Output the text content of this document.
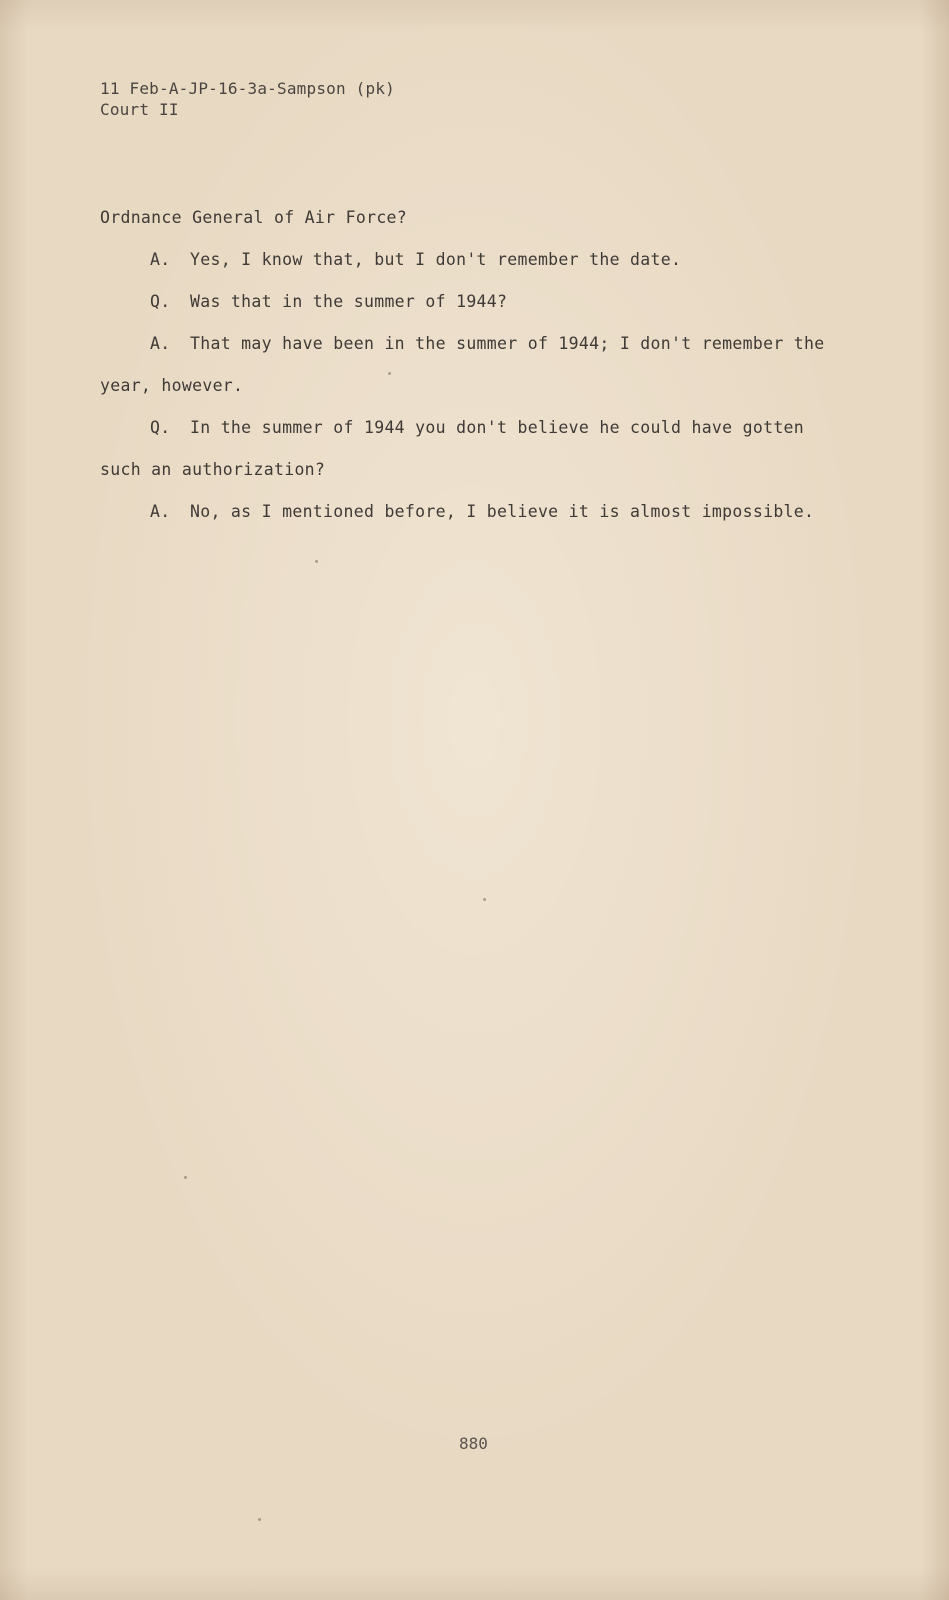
11 Feb-A-JP-16-3a-Sampson (pk)
Court II
Ordnance General of Air Force?
A. Yes, I know that, but I don't remember the date.
Q. Was that in the summer of 1944?
A. That may have been in the summer of 1944; I don't remember the
year, however.
Q. In the summer of 1944 you don't believe he could have gotten
such an authorization?
A. No, as I mentioned before, I believe it is almost impossible.
880
